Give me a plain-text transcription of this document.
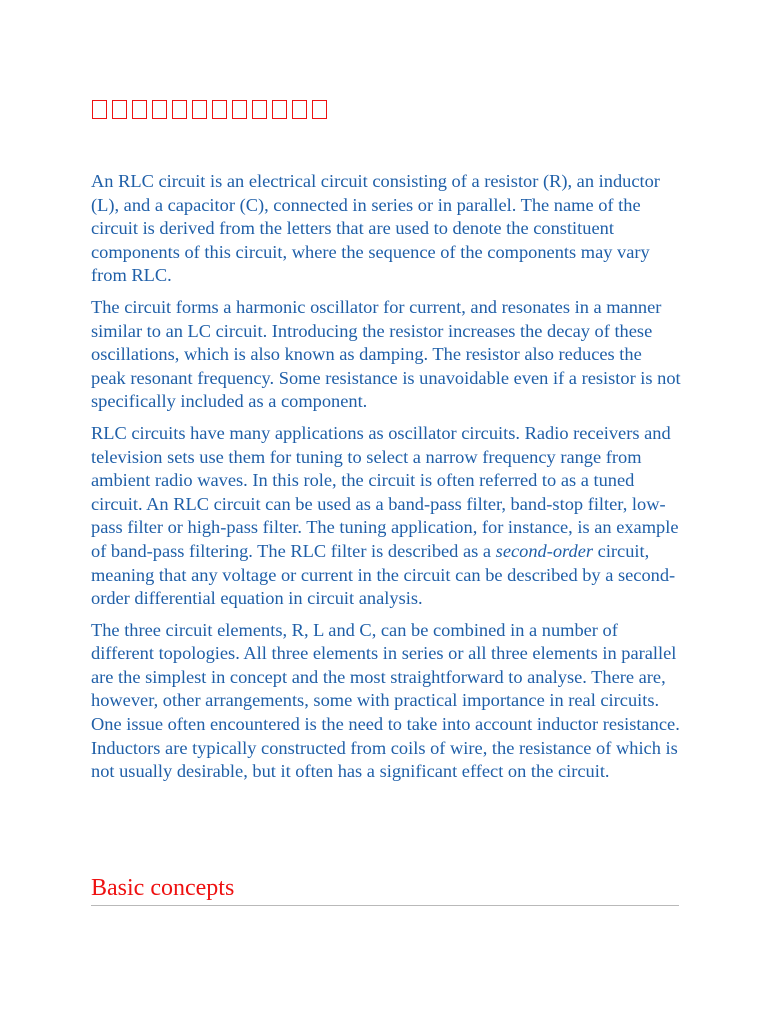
An RLC circuit is an electrical circuit consisting of a resistor (R), an inductor (L), and a capacitor (C), connected in series or in parallel. The name of the circuit is derived from the letters that are used to denote the constituent components of this circuit, where the sequence of the components may vary from RLC.

The circuit forms a harmonic oscillator for current, and resonates in a manner similar to an LC circuit. Introducing the resistor increases the decay of these oscillations, which is also known as damping. The resistor also reduces the peak resonant frequency. Some resistance is unavoidable even if a resistor is not specifically included as a component.

RLC circuits have many applications as oscillator circuits. Radio receivers and television sets use them for tuning to select a narrow frequency range from ambient radio waves. In this role, the circuit is often referred to as a tuned circuit. An RLC circuit can be used as a band-pass filter, band-stop filter, low-pass filter or high-pass filter. The tuning application, for instance, is an example of band-pass filtering. The RLC filter is described as a second-order circuit, meaning that any voltage or current in the circuit can be described by a second-order differential equation in circuit analysis.

The three circuit elements, R, L and C, can be combined in a number of different topologies. All three elements in series or all three elements in parallel are the simplest in concept and the most straightforward to analyse. There are, however, other arrangements, some with practical importance in real circuits. One issue often encountered is the need to take into account inductor resistance. Inductors are typically constructed from coils of wire, the resistance of which is not usually desirable, but it often has a significant effect on the circuit.

Basic concepts
